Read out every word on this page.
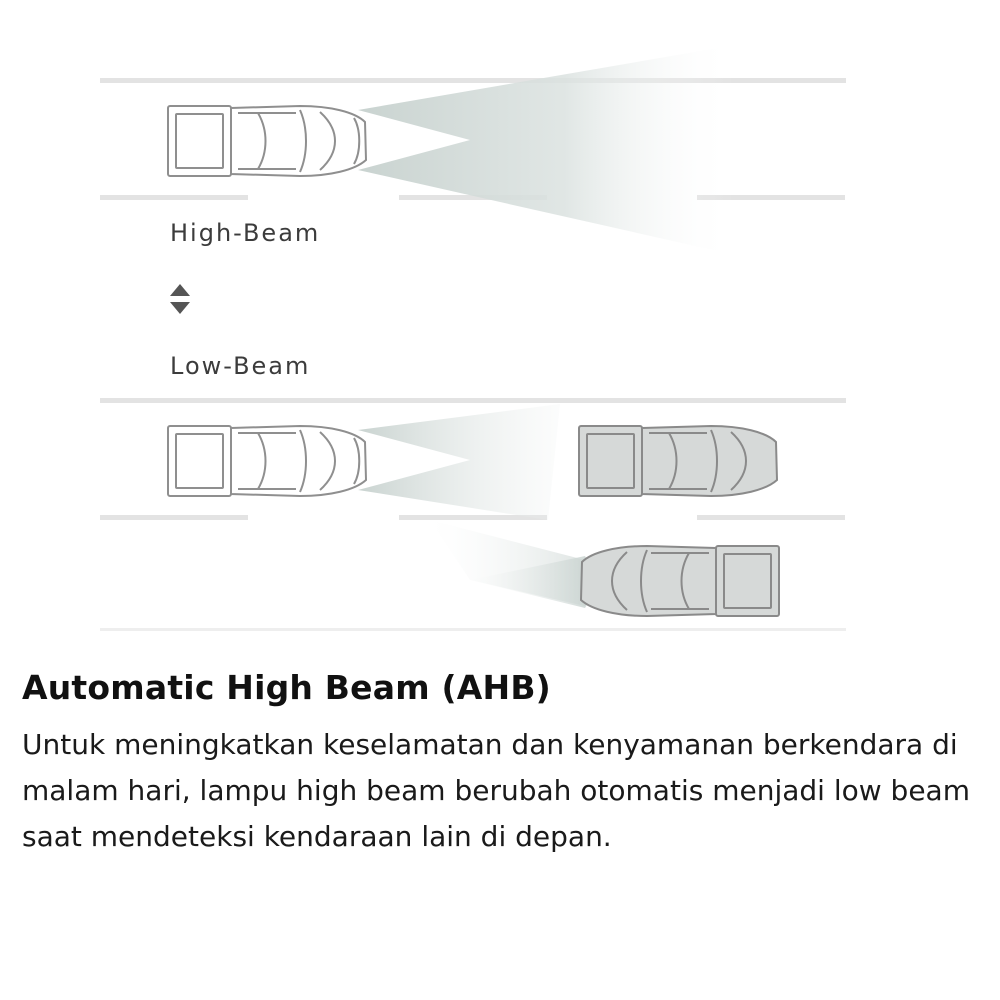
High-Beam
Low-Beam
Automatic High Beam (AHB)

Untuk meningkatkan keselamatan dan kenyamanan berkendara di malam hari, lampu high beam berubah otomatis menjadi low beam saat mendeteksi kendaraan lain di depan.
